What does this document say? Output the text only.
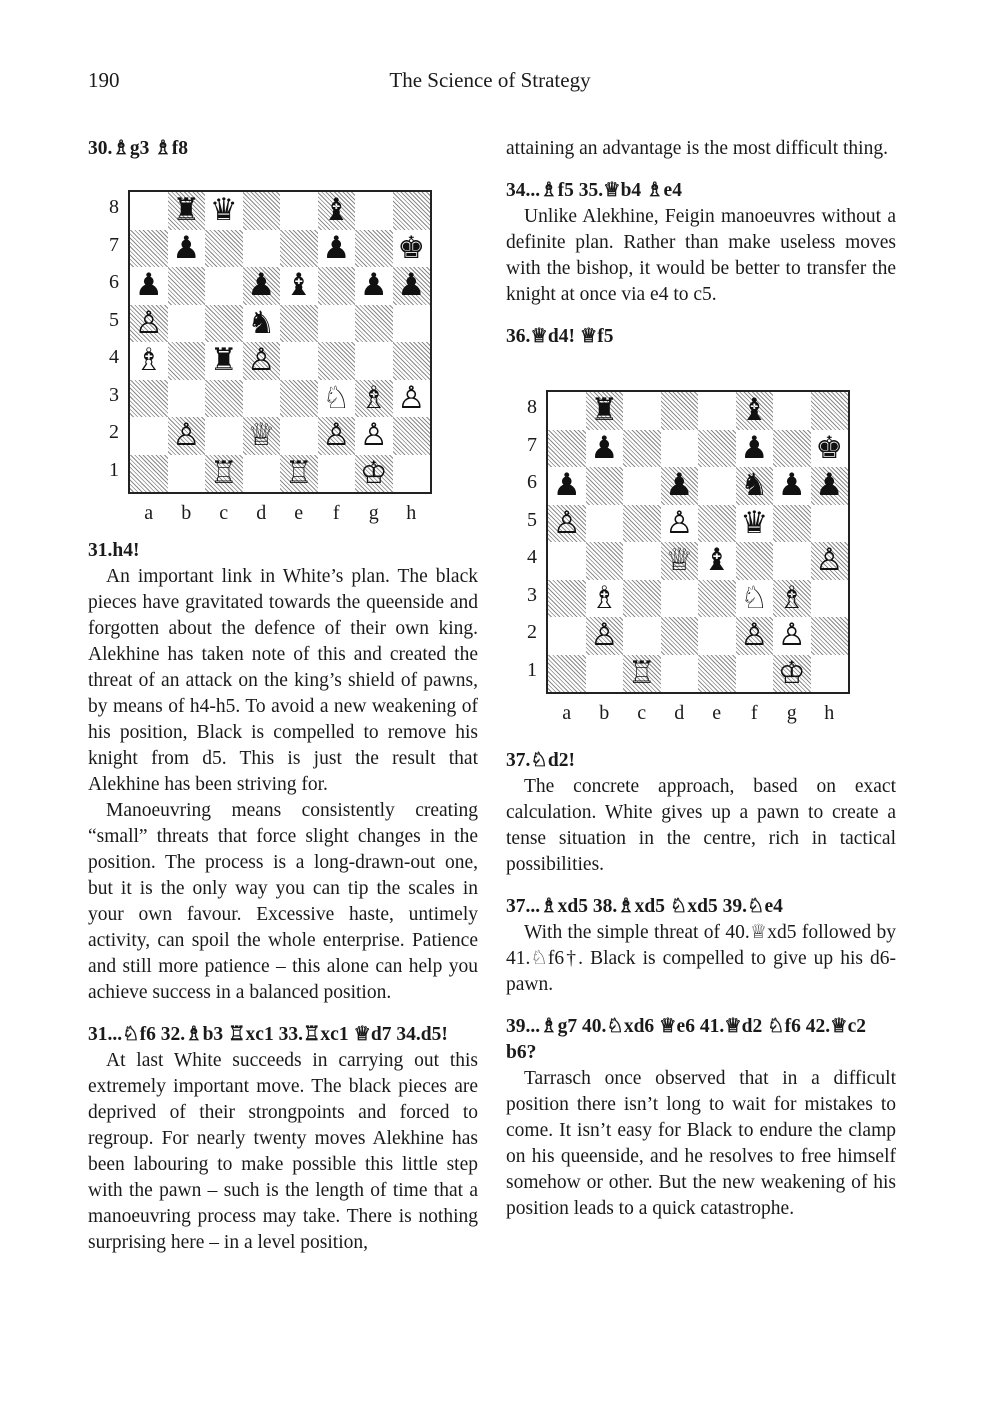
190	The Science of Strategy

30.♗g3 ♗f8

♜ ♛	♝
♟	♟ ♚
♟	♟ ♝ ♟ ♟
♙	♞
♗ ♜ ♙
♘ ♗ ♙
♙ ♕ ♙ ♙
♖ ♖ ♔
8
7
6
5
4
3
2
1
a	b	c	d	e	f	g	h

31.h4!

An important link in White’s plan. The black pieces have gravitated towards the queenside and forgotten about the defence of their own king. Alekhine has taken note of this and created the threat of an attack on the king’s shield of pawns, by means of h4-h5. To avoid a new weakening of his position, Black is compelled to remove his knight from d5. This is just the result that Alekhine has been striving for.

Manoeuvring means consistently creating “small” threats that force slight changes in the position. The process is a long-drawn-out one, but it is the only way you can tip the scales in your own favour. Excessive haste, untimely activity, can spoil the whole enterprise. Patience and still more patience – this alone can help you achieve success in a balanced position.

31...♘f6 32.♗b3 ♖xc1 33.♖xc1 ♕d7 34.d5!

At last White succeeds in carrying out this extremely important move. The black pieces are deprived of their strongpoints and forced to regroup. For nearly twenty moves Alekhine has been labouring to make possible this little step with the pawn – such is the length of time that a manoeuvring process may take. There is nothing surprising here – in a level position,

attaining an advantage is the most difficult thing.

34...♗f5 35.♕b4 ♗e4

Unlike Alekhine, Feigin manoeuvres without a definite plan. Rather than make useless moves with the bishop, it would be better to transfer the knight at once via e4 to c5.

36.♕d4! ♕f5

♜	♝
♟	♟ ♚
♟	♟ ♞ ♟ ♟
♙	♙ ♛
♕ ♝	♙
♗	♘ ♗
♙	♙ ♙
♖	♔
8
7
6
5
4
3
2
1
a	b	c	d	e	f	g	h

37.♘d2!

The concrete approach, based on exact calculation. White gives up a pawn to create a tense situation in the centre, rich in tactical possibilities.

37...♗xd5 38.♗xd5 ♘xd5 39.♘e4

With the simple threat of 40.♕xd5 followed by 41.♘f6†. Black is compelled to give up his d6-pawn.

39...♗g7 40.♘xd6 ♕e6 41.♕d2 ♘f6 42.♕c2 b6?

Tarrasch once observed that in a difficult position there isn’t long to wait for mistakes to come. It isn’t easy for Black to endure the clamp on his queenside, and he resolves to free himself somehow or other. But the new weakening of his position leads to a quick catastrophe.
